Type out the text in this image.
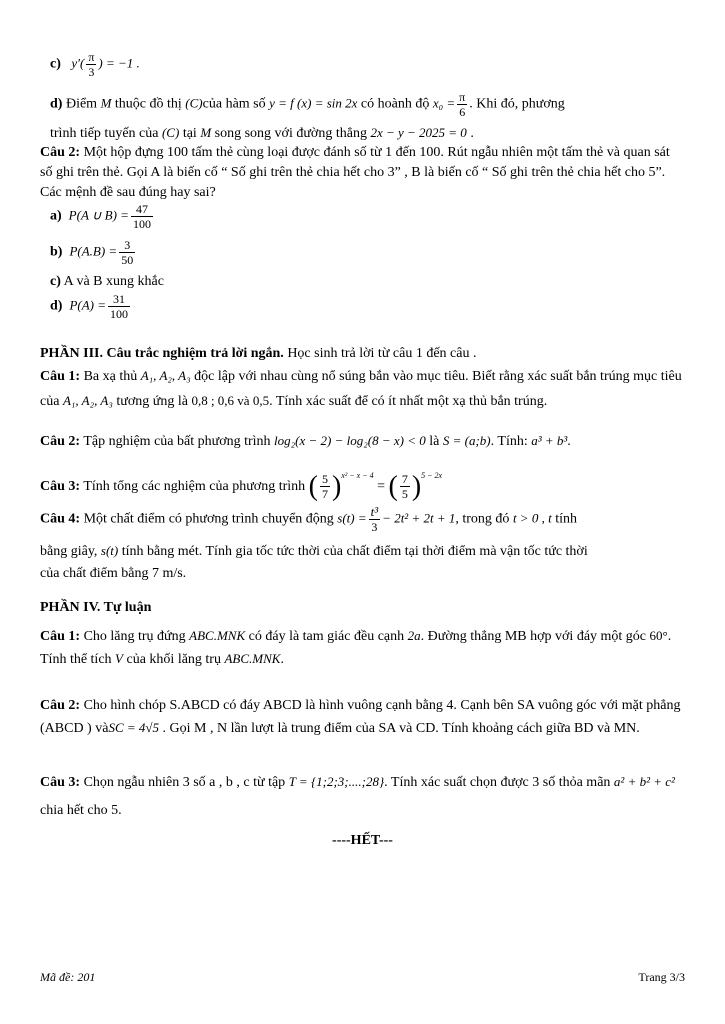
c) $y'( \frac{\pi}{3}$ ) = −1 .
d) Điểm M thuộc đồ thị (C)của hàm số y = f (x) = sin 2x có hoành độ $x_0 = \frac{\pi}{6}$ . Khi đó, phương
trình tiếp tuyến của (C) tại M song song với đường thẳng 2x − y − 2025 = 0 .
Câu 2: Một hộp đựng 100 tấm thẻ cùng loại được đánh số từ 1 đến 100. Rút ngẫu nhiên một tấm thẻ và quan sát số ghi trên thẻ. Gọi A là biến cố “ Số ghi trên thẻ chia hết cho 3” , B là biến cố “ Số ghi trên thẻ chia hết cho 5”. Các mệnh đề sau đúng hay sai?
a) P(A ∪ $B) = \frac{47}{100}$
b) $P(A.B) = \frac{3}{50}$
c) A và B xung khắc
d) $P(A) = \frac{31}{100}$
PHẦN III. Câu trắc nghiệm trả lời ngắn. Học sinh trả lời từ câu 1 đến câu .
Câu 1: Ba xạ thủ A₁, A₂, A₃ độc lập với nhau cùng nổ súng bắn vào mục tiêu. Biết rằng xác suất bắn trúng mục tiêu của A₁, A₂, A₃ tương ứng là 0,8 ; 0,6 và 0,5. Tính xác suất để có ít nhất một xạ thủ bắn trúng.
Câu 2: Tập nghiệm của bất phương trình log₂(x − 2) − log₂(8 − x) < 0 là S = (a;b). Tính: a³ + b³.
Câu 3: Tính tổng các nghiệm của phương trình ( $\frac{5}{7} )^{x^2 - x - 4}$ = ( $\frac{7}{5} )^{5 - 2x}$
Câu 4: Một chất điểm có phương trình chuyển động $s(t) = \frac{\text{t³}}{3} - 2t^2 + 2t + 1$, trong đó t > 0 , t tính
bằng giây, s(t) tính bằng mét. Tính gia tốc tức thời của chất điểm tại thời điểm mà vận tốc tức thời
của chất điểm bằng 7 m/s.
PHẦN IV. Tự luận
Câu 1: Cho lăng trụ đứng ABC.MNK có đáy là tam giác đều cạnh 2a. Đường thẳng MB hợp với đáy một góc 60°. Tính thể tích V của khối lăng trụ ABC.MNK.
Câu 2: Cho hình chóp S.ABCD có đáy ABCD là hình vuông cạnh bằng 4. Cạnh bên SA vuông góc với mặt phẳng (ABCD ) vàSC = 4√5 . Gọi M , N lần lượt là trung điểm của SA và CD. Tính khoảng cách giữa BD và MN.
Câu 3: Chọn ngẫu nhiên 3 số a , b , c từ tập T = {1;2;3;....;28}. Tính xác suất chọn được 3 số thỏa mãn a² + b² + c² chia hết cho 5.
----HẾT---
Mã đề: 201	Trang 3/3
